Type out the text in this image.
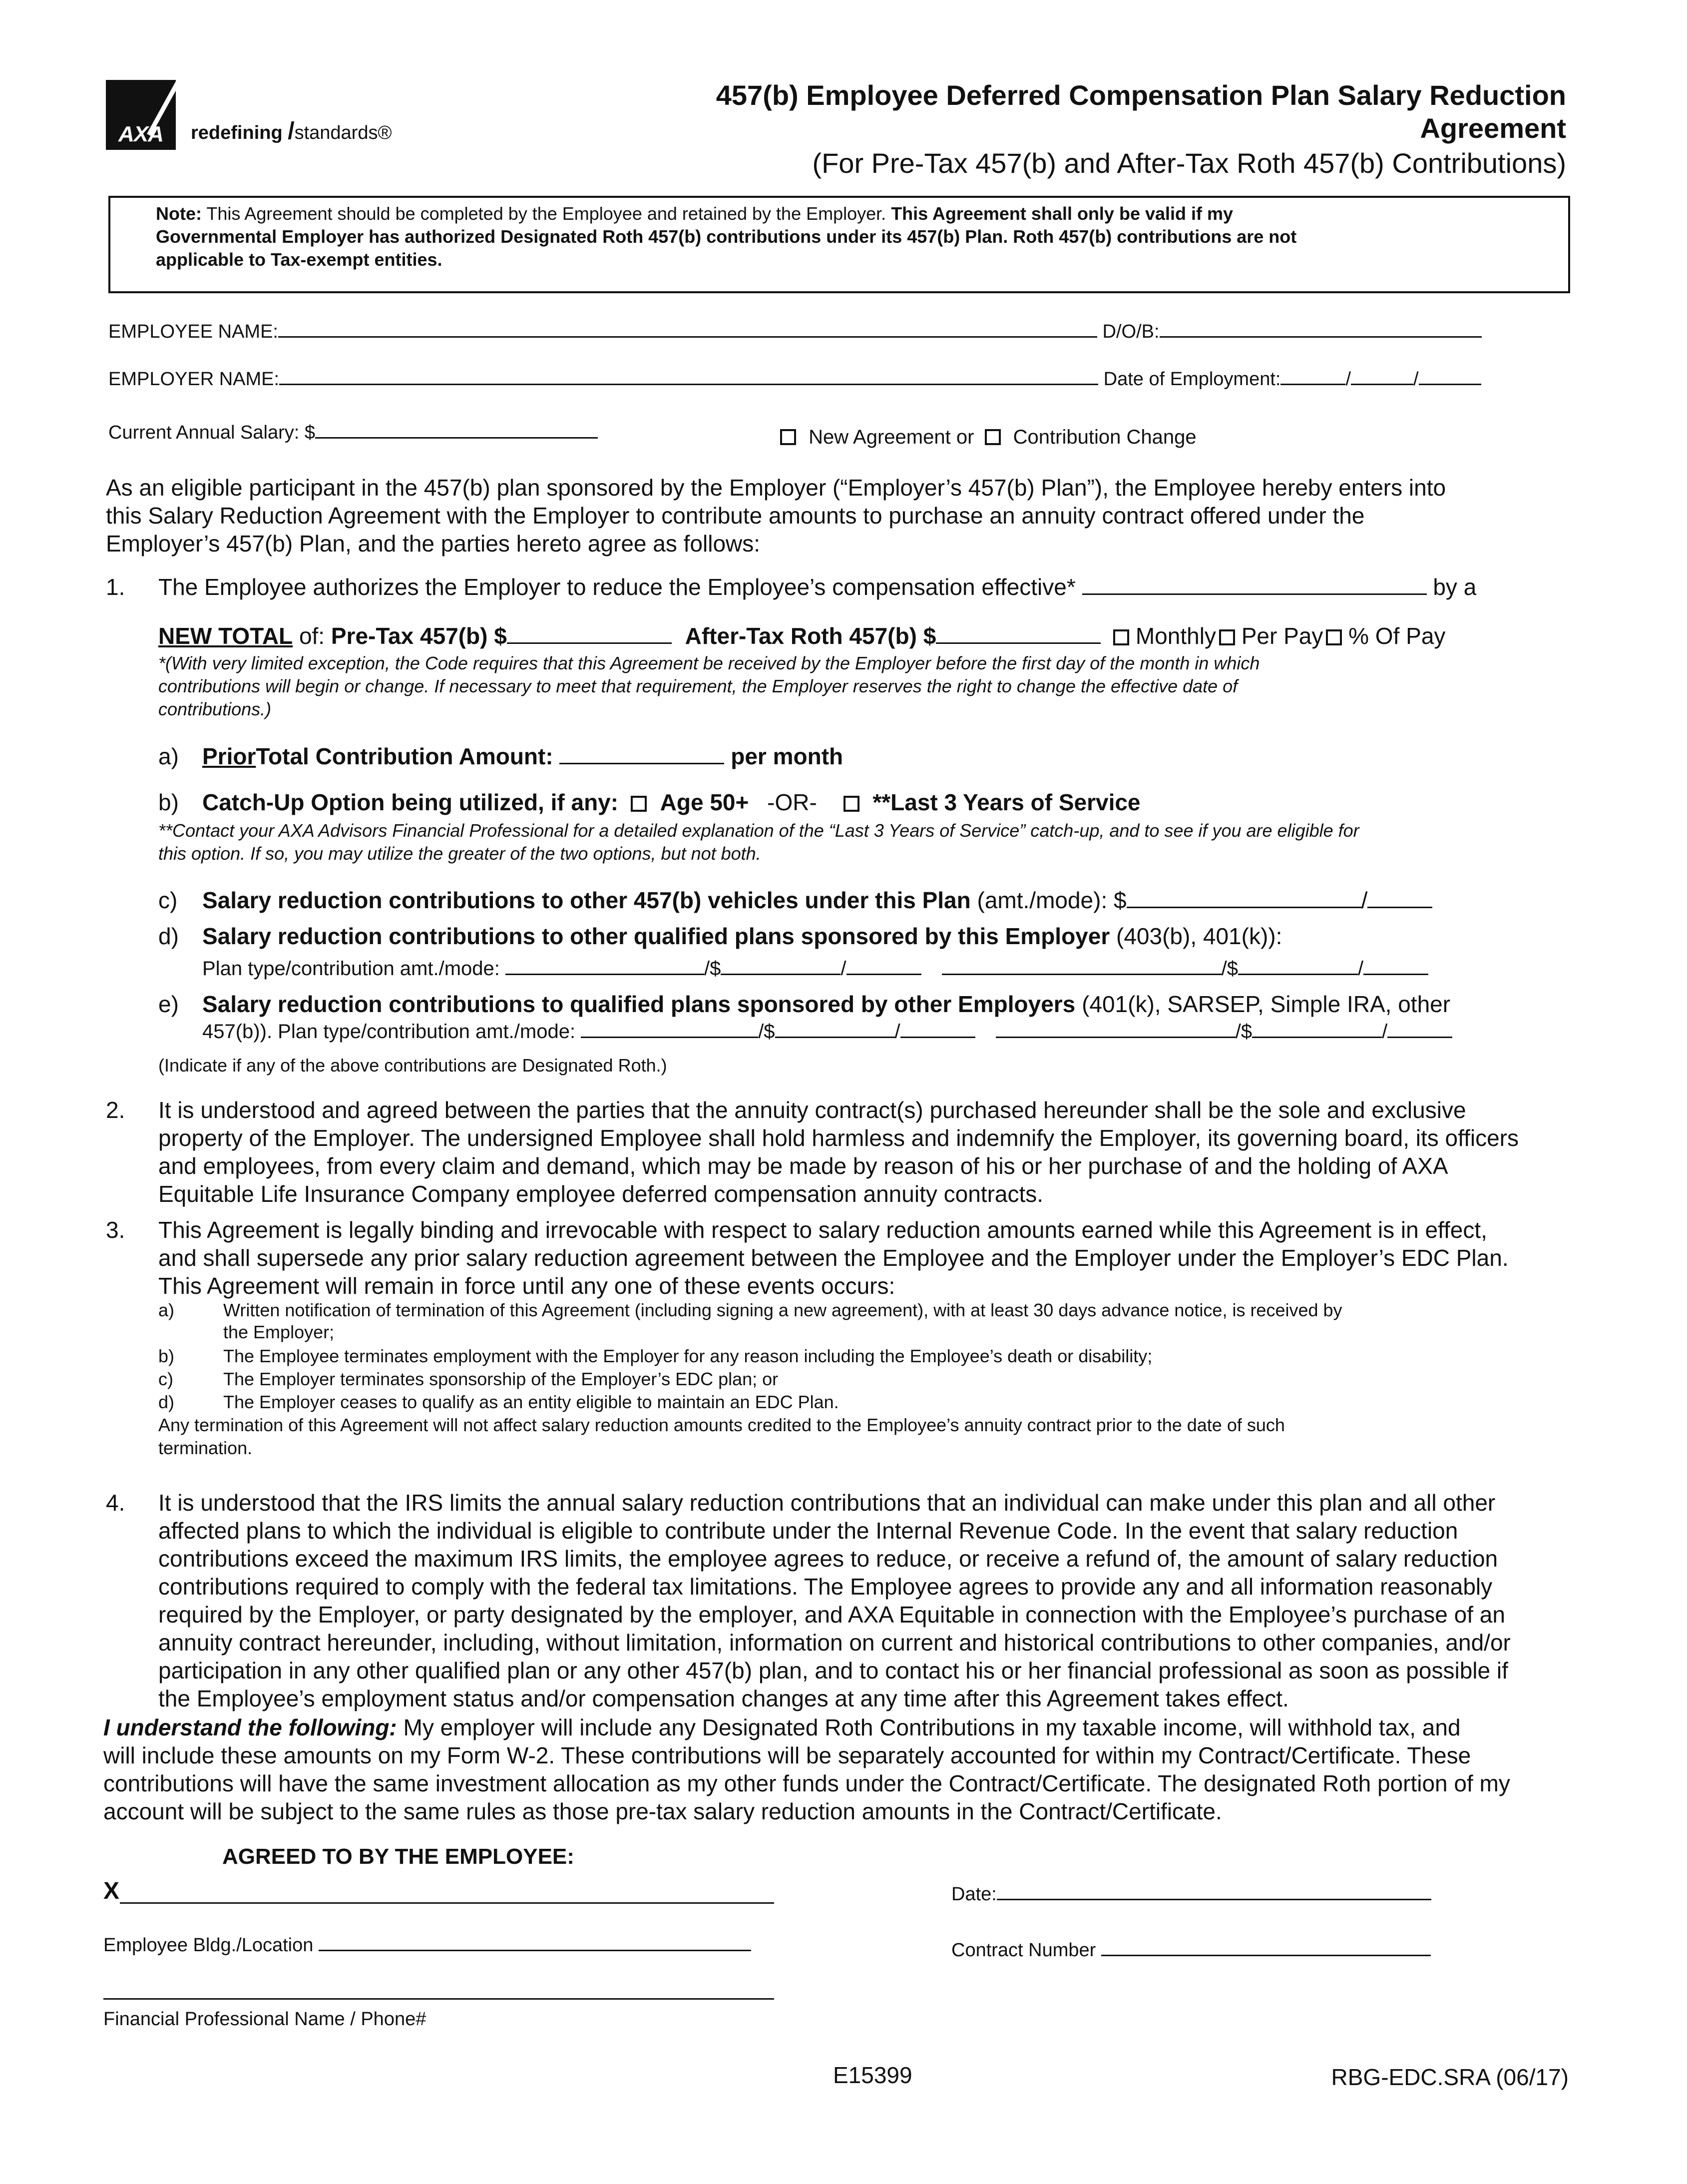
AXA	redefining /standards®
457(b) Employee Deferred Compensation Plan Salary Reduction
Agreement
(For Pre-Tax 457(b) and After-Tax Roth 457(b) Contributions)
Note: This Agreement should be completed by the Employee and retained by the Employer. This Agreement shall only be valid if my
Governmental Employer has authorized Designated Roth 457(b) contributions under its 457(b) Plan. Roth 457(b) contributions are not
applicable to Tax-exempt entities.
EMPLOYEE NAME:	D/O/B:
EMPLOYER NAME:	Date of Employment:	/	/
Current Annual Salary: $	New Agreement or Contribution Change
As an eligible participant in the 457(b) plan sponsored by the Employer (“Employer’s 457(b) Plan”), the Employee hereby enters into
this Salary Reduction Agreement with the Employer to contribute amounts to purchase an annuity contract offered under the
Employer’s 457(b) Plan, and the parties hereto agree as follows:
1. The Employee authorizes the Employer to reduce the Employee’s compensation effective*	by a
NEW TOTAL of: Pre-Tax 457(b) $	After-Tax Roth 457(b) $	Monthly Per Pay % Of Pay
*(With very limited exception, the Code requires that this Agreement be received by the Employer before the first day of the month in which
contributions will begin or change. If necessary to meet that requirement, the Employer reserves the right to change the effective date of
contributions.)
a) PriorTotal Contribution Amount:	per month
b) Catch-Up Option being utilized, if any: Age 50+ -OR- **Last 3 Years of Service
**Contact your AXA Advisors Financial Professional for a detailed explanation of the “Last 3 Years of Service” catch-up, and to see if you are eligible for
this option. If so, you may utilize the greater of the two options, but not both.
c) Salary reduction contributions to other 457(b) vehicles under this Plan (amt./mode): $	/
d) Salary reduction contributions to other qualified plans sponsored by this Employer (403(b), 401(k)):
Plan type/contribution amt./mode:	/$	/	/$	/
e) Salary reduction contributions to qualified plans sponsored by other Employers (401(k), SARSEP, Simple IRA, other
457(b)). Plan type/contribution amt./mode:	/$	/	/$	/
(Indicate if any of the above contributions are Designated Roth.)
2. It is understood and agreed between the parties that the annuity contract(s) purchased hereunder shall be the sole and exclusive
property of the Employer. The undersigned Employee shall hold harmless and indemnify the Employer, its governing board, its officers
and employees, from every claim and demand, which may be made by reason of his or her purchase of and the holding of AXA
Equitable Life Insurance Company employee deferred compensation annuity contracts.
3. This Agreement is legally binding and irrevocable with respect to salary reduction amounts earned while this Agreement is in effect,
and shall supersede any prior salary reduction agreement between the Employee and the Employer under the Employer’s EDC Plan.
This Agreement will remain in force until any one of these events occurs:
a)	Written notification of termination of this Agreement (including signing a new agreement), with at least 30 days advance notice, is received by
the Employer;
b)	The Employee terminates employment with the Employer for any reason including the Employee’s death or disability;
c)	The Employer terminates sponsorship of the Employer’s EDC plan; or
d)	The Employer ceases to qualify as an entity eligible to maintain an EDC Plan.
Any termination of this Agreement will not affect salary reduction amounts credited to the Employee’s annuity contract prior to the date of such
termination.
4. It is understood that the IRS limits the annual salary reduction contributions that an individual can make under this plan and all other
affected plans to which the individual is eligible to contribute under the Internal Revenue Code. In the event that salary reduction
contributions exceed the maximum IRS limits, the employee agrees to reduce, or receive a refund of, the amount of salary reduction
contributions required to comply with the federal tax limitations. The Employee agrees to provide any and all information reasonably
required by the Employer, or party designated by the employer, and AXA Equitable in connection with the Employee’s purchase of an
annuity contract hereunder, including, without limitation, information on current and historical contributions to other companies, and/or
participation in any other qualified plan or any other 457(b) plan, and to contact his or her financial professional as soon as possible if
the Employee’s employment status and/or compensation changes at any time after this Agreement takes effect.
I understand the following: My employer will include any Designated Roth Contributions in my taxable income, will withhold tax, and
will include these amounts on my Form W-2. These contributions will be separately accounted for within my Contract/Certificate. These
contributions will have the same investment allocation as my other funds under the Contract/Certificate. The designated Roth portion of my
account will be subject to the same rules as those pre-tax salary reduction amounts in the Contract/Certificate.
AGREED TO BY THE EMPLOYEE:
X	Date:
Employee Bldg./Location	Contract Number
Financial Professional Name / Phone#
E15399	RBG-EDC.SRA (06/17)
